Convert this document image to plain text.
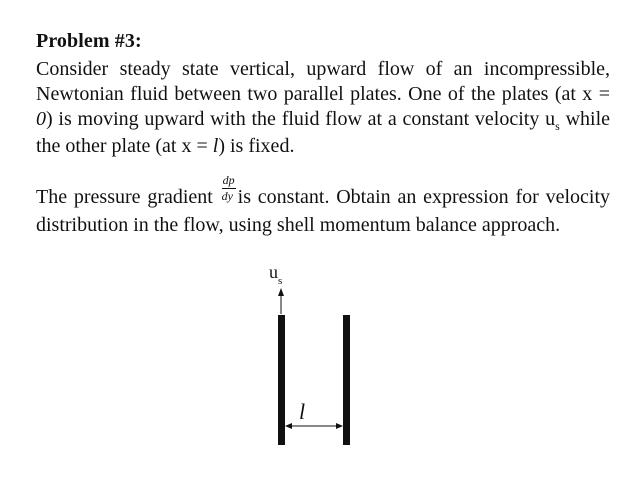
Problem #3:
Consider steady state vertical, upward flow of an incompressible, Newtonian fluid between two parallel plates. One of the plates (at x = 0) is moving upward with the fluid flow at a constant velocity $u_s$ while the other plate (at x = l) is fixed.
The pressure gradient $\frac{dp}{dy}$ is constant. Obtain an expression for velocity distribution in the flow, using shell momentum balance approach.
$u_s$
l
